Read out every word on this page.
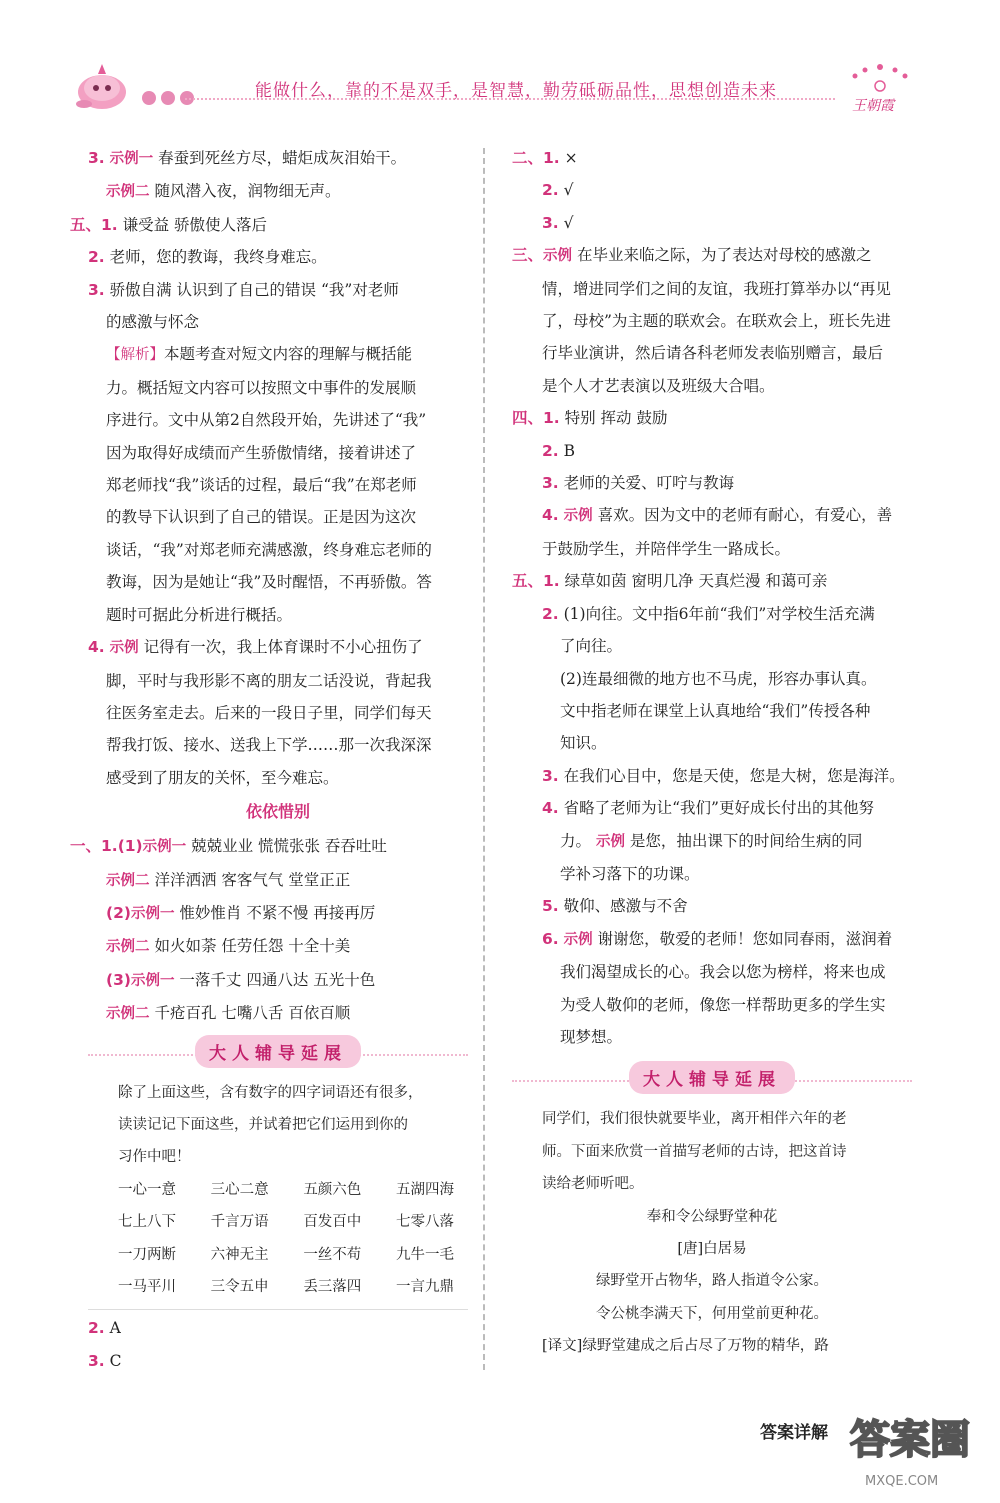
能做什么，靠的不是双手，是智慧，勤劳砥砺品性，思想创造未来
王朝霞
3. 示例一 春蚕到死丝方尽，蜡炬成灰泪始干。
示例二 随风潜入夜，润物细无声。
五、1. 谦受益 骄傲使人落后
2. 老师，您的教诲，我终身难忘。
3. 骄傲自满 认识到了自己的错误 “我”对老师
的感激与怀念
【解析】本题考查对短文内容的理解与概括能
力。概括短文内容可以按照文中事件的发展顺
序进行。文中从第2自然段开始，先讲述了“我”
因为取得好成绩而产生骄傲情绪，接着讲述了
郑老师找“我”谈话的过程，最后“我”在郑老师
的教导下认识到了自己的错误。正是因为这次
谈话，“我”对郑老师充满感激，终身难忘老师的
教诲，因为是她让“我”及时醒悟，不再骄傲。答
题时可据此分析进行概括。
4. 示例 记得有一次，我上体育课时不小心扭伤了
脚，平时与我形影不离的朋友二话没说，背起我
往医务室走去。后来的一段日子里，同学们每天
帮我打饭、接水、送我上下学……那一次我深深
感受到了朋友的关怀，至今难忘。
依依惜别
一、1.(1)示例一 兢兢业业 慌慌张张 吞吞吐吐
示例二 洋洋洒洒 客客气气 堂堂正正
(2)示例一 惟妙惟肖 不紧不慢 再接再厉
示例二 如火如荼 任劳任怨 十全十美
(3)示例一 一落千丈 四通八达 五光十色
示例二 千疮百孔 七嘴八舌 百依百顺
大人辅导延展
除了上面这些，含有数字的四字词语还有很多，
读读记记下面这些，并试着把它们运用到你的
习作中吧！
一心一意 三心二意 五颜六色 五湖四海
七上八下 千言万语 百发百中 七零八落
一刀两断 六神无主 一丝不苟 九牛一毛
一马平川 三令五申 丢三落四 一言九鼎
2. A
3. C
二、1. ×
2. √
3. √
三、示例 在毕业来临之际，为了表达对母校的感激之
情，增进同学们之间的友谊，我班打算举办以“再见
了，母校”为主题的联欢会。在联欢会上，班长先进
行毕业演讲，然后请各科老师发表临别赠言，最后
是个人才艺表演以及班级大合唱。
四、1. 特别 挥动 鼓励
2. B
3. 老师的关爱、叮咛与教诲
4. 示例 喜欢。因为文中的老师有耐心，有爱心，善
于鼓励学生，并陪伴学生一路成长。
五、1. 绿草如茵 窗明几净 天真烂漫 和蔼可亲
2. (1)向往。文中指6年前“我们”对学校生活充满
了向往。
(2)连最细微的地方也不马虎，形容办事认真。
文中指老师在课堂上认真地给“我们”传授各种
知识。
3. 在我们心目中，您是天使，您是大树，您是海洋。
4. 省略了老师为让“我们”更好成长付出的其他努
力。 示例 是您，抽出课下的时间给生病的同
学补习落下的功课。
5. 敬仰、感激与不舍
6. 示例 谢谢您，敬爱的老师！您如同春雨，滋润着
我们渴望成长的心。我会以您为榜样，将来也成
为受人敬仰的老师，像您一样帮助更多的学生实
现梦想。
大人辅导延展
同学们，我们很快就要毕业，离开相伴六年的老
师。下面来欣赏一首描写老师的古诗，把这首诗
读给老师听吧。
奉和令公绿野堂种花
[唐]白居易
绿野堂开占物华，路人指道令公家。
令公桃李满天下，何用堂前更种花。
[译文]绿野堂建成之后占尽了万物的精华，路
答案详解 答案圈
MXQE.COM
